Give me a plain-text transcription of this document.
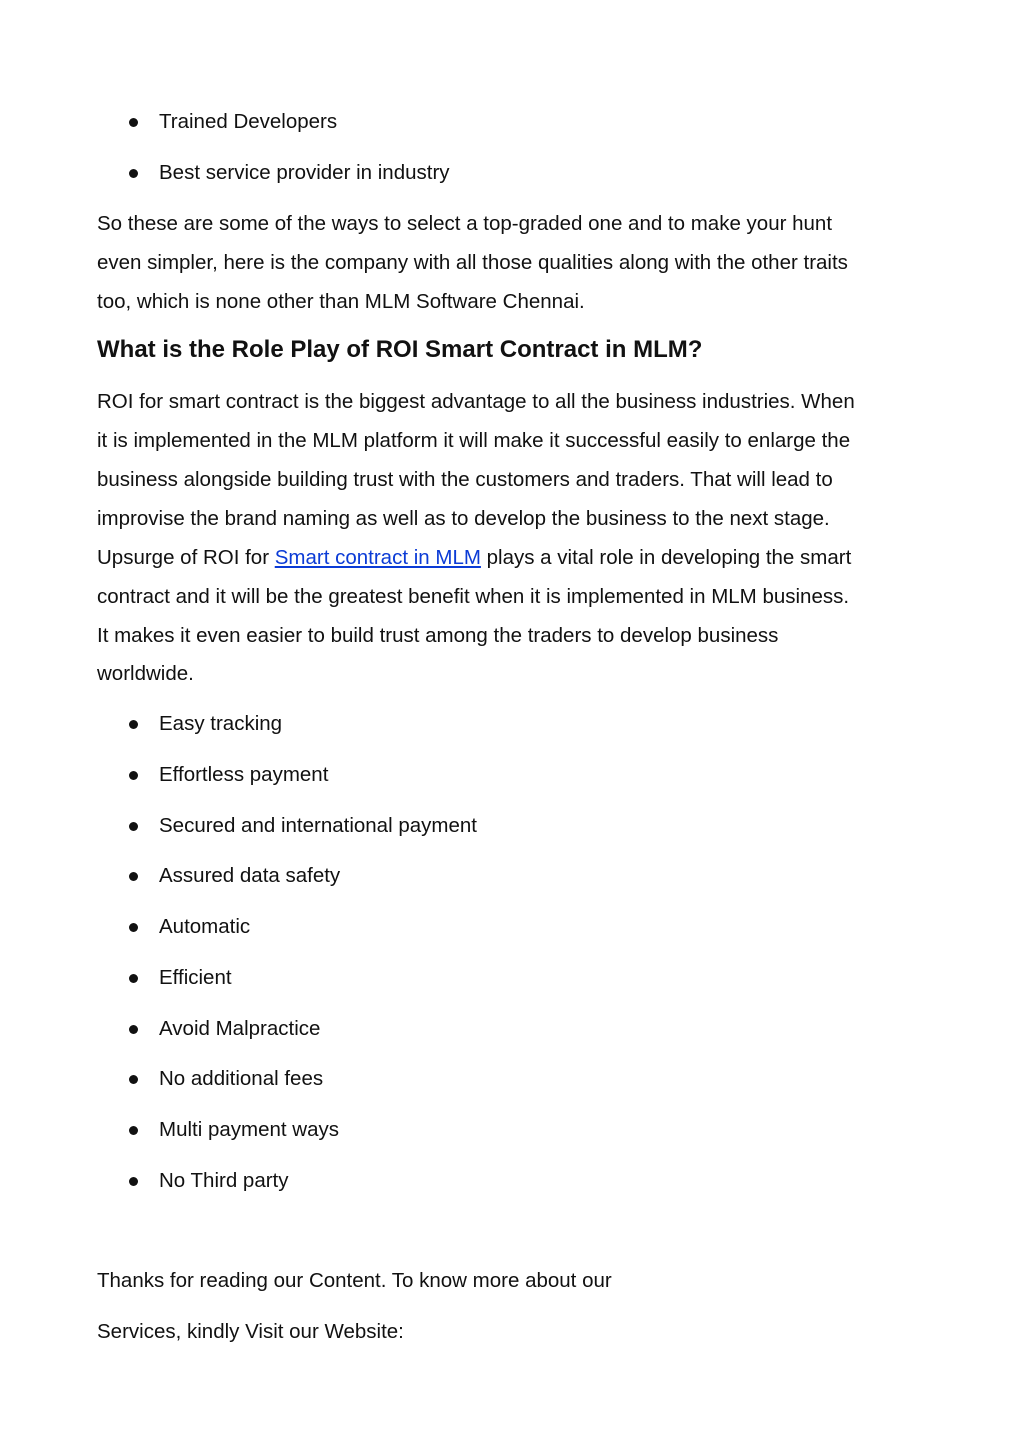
Trained Developers
Best service provider in industry
So these are some of the ways to select a top-graded one and to make your hunt
even simpler, here is the company with all those qualities along with the other traits
too, which is none other than MLM Software Chennai.
What is the Role Play of ROI Smart Contract in MLM?
ROI for smart contract is the biggest advantage to all the business industries. When
it is implemented in the MLM platform it will make it successful easily to enlarge the
business alongside building trust with the customers and traders. That will lead to
improvise the brand naming as well as to develop the business to the next stage.
Upsurge of ROI for Smart contract in MLM plays a vital role in developing the smart
contract and it will be the greatest benefit when it is implemented in MLM business.
It makes it even easier to build trust among the traders to develop business
worldwide.
Easy tracking
Effortless payment
Secured and international payment
Assured data safety
Automatic
Efficient
Avoid Malpractice
No additional fees
Multi payment ways
No Third party
Thanks for reading our Content. To know more about our
Services, kindly Visit our Website:
